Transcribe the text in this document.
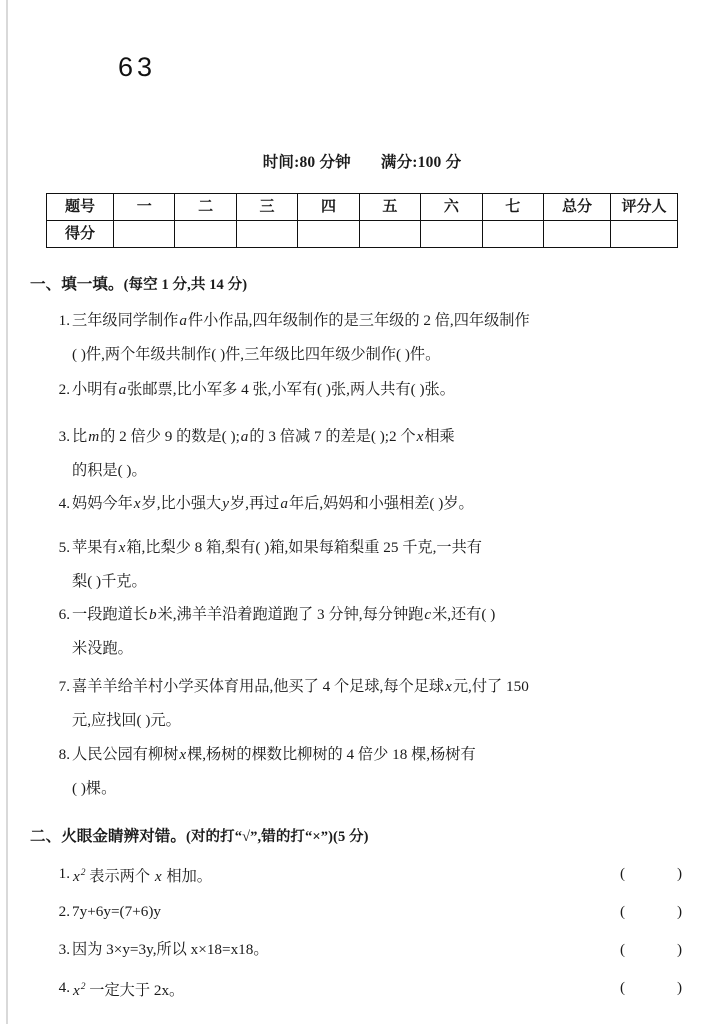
63
时间:80 分钟 满分:100 分
题号	一	二	三	四	五	六	七	总分	评分人
得分									
一、填一填。(每空 1 分,共 14 分)
1. 三年级同学制作a件小作品,四年级制作的是三年级的 2 倍,四年级制作
( )件,两个年级共制作( )件,三年级比四年级少制作( )件。
2. 小明有a张邮票,比小军多 4 张,小军有( )张,两人共有( )张。
3. 比m的 2 倍少 9 的数是( );a的 3 倍减 7 的差是( );2 个x相乘
的积是( )。
4. 妈妈今年x岁,比小强大y岁,再过a年后,妈妈和小强相差( )岁。
5. 苹果有x箱,比梨少 8 箱,梨有( )箱,如果每箱梨重 25 千克,一共有
梨( )千克。
6. 一段跑道长b米,沸羊羊沿着跑道跑了 3 分钟,每分钟跑c米,还有( )
米没跑。
7. 喜羊羊给羊村小学买体育用品,他买了 4 个足球,每个足球x元,付了 150
元,应找回( )元。
8. 人民公园有柳树x棵,杨树的棵数比柳树的 4 倍少 18 棵,杨树有
( )棵。
二、火眼金睛辨对错。(对的打“√”,错的打“×”)(5 分)
1. $x^2$ 表示两个 x 相加。	(	)
2. 7y+6y=(7+6)y	(	)
3. 因为 3×y=3y,所以 x×18=x18。	(	)
4. $x^2$ 一定大于 2x。	(	)
